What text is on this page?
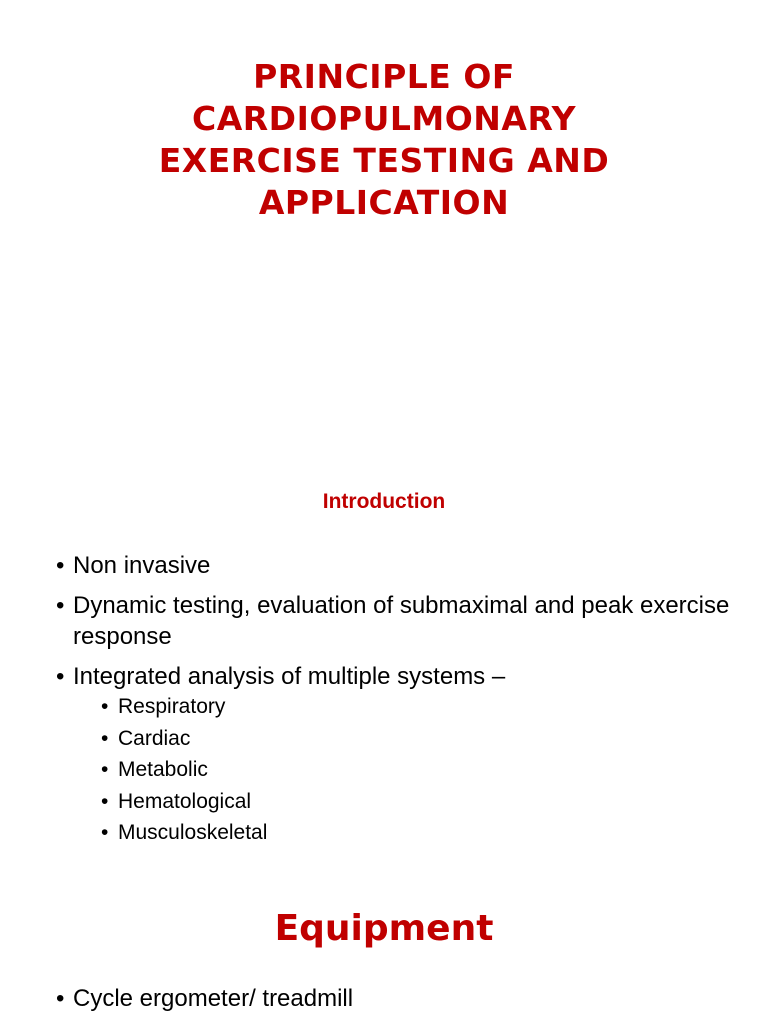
PRINCIPLE OF
CARDIOPULMONARY
EXERCISE TESTING AND
APPLICATION
Introduction
• Non invasive
• Dynamic testing, evaluation of submaximal and peak exercise response
• Integrated analysis of multiple systems –
• Respiratory
• Cardiac
• Metabolic
• Hematological
• Musculoskeletal
Equipment
• Cycle ergometer/ treadmill
